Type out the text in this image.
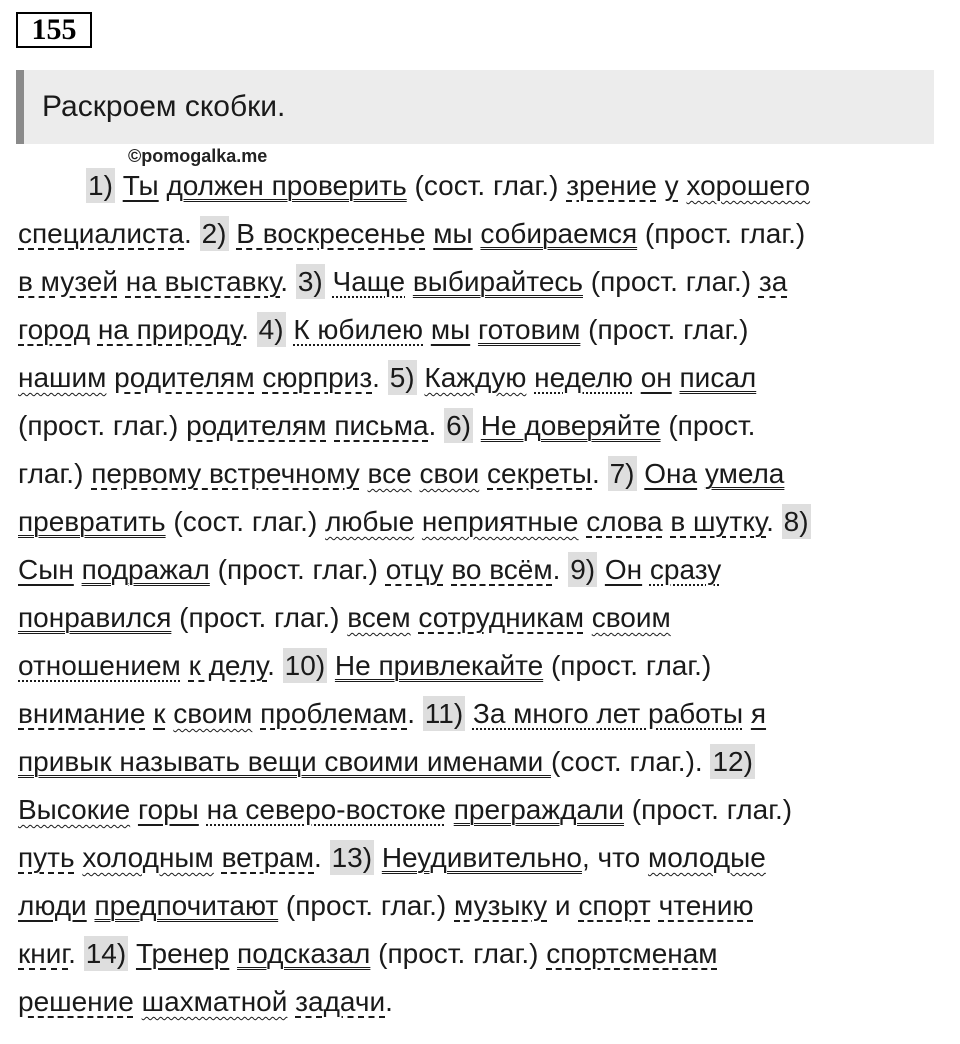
155
Раскроем скобки.
©pomogalka.me
1) Ты должен проверить (сост. глаг.) зрение у хорошего
специалиста. 2) В воскресенье мы собираемся (прост. глаг.)
в музей на выставку. 3) Чаще выбирайтесь (прост. глаг.) за
город на природу. 4) К юбилею мы готовим (прост. глаг.)
нашим родителям сюрприз. 5) Каждую неделю он писал
(прост. глаг.) родителям письма. 6) Не доверяйте (прост.
глаг.) первому встречному все свои секреты. 7) Она умела
превратить (сост. глаг.) любые неприятные слова в шутку. 8)
Сын подражал (прост. глаг.) отцу во всём. 9) Он сразу
понравился (прост. глаг.) всем сотрудникам своим
отношением к делу. 10) Не привлекайте (прост. глаг.)
внимание к своим проблемам. 11) За много лет работы я
привык называть вещи своими именами (сост. глаг.). 12)
Высокие горы на северо-востоке преграждали (прост. глаг.)
путь холодным ветрам. 13) Неудивительно, что молодые
люди предпочитают (прост. глаг.) музыку и спорт чтению
книг. 14) Тренер подсказал (прост. глаг.) спортсменам
решение шахматной задачи.
